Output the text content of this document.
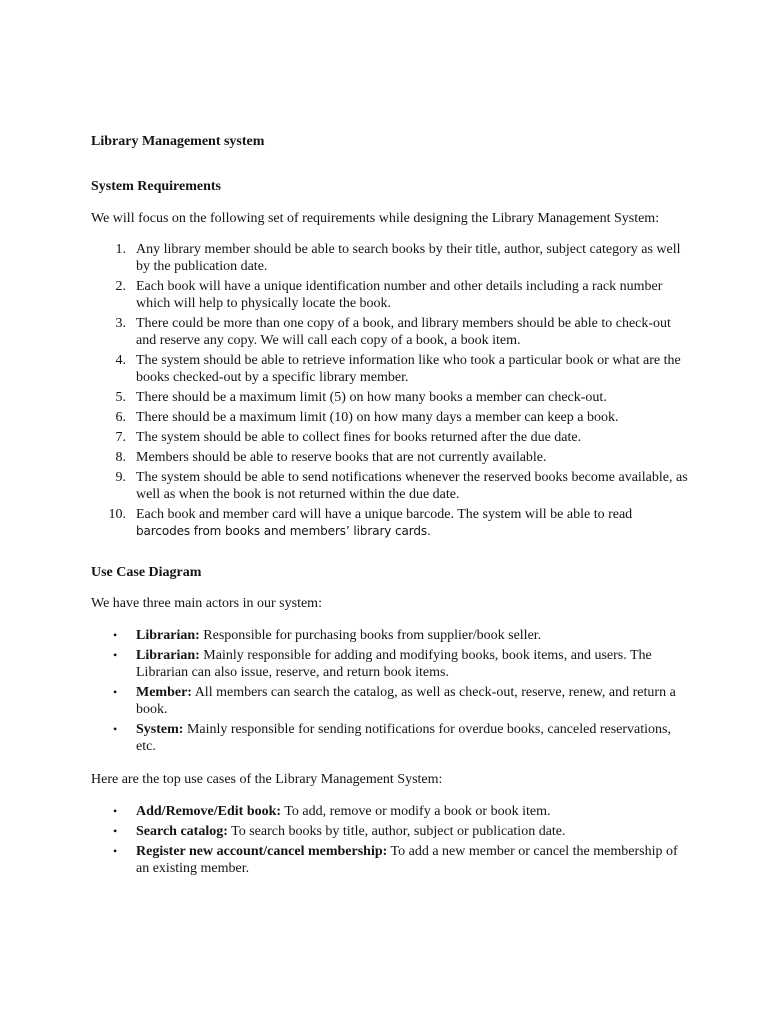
Library Management system

System Requirements

We will focus on the following set of requirements while designing the Library Management System:

1. Any library member should be able to search books by their title, author, subject category as well by the publication date.
2. Each book will have a unique identification number and other details including a rack number which will help to physically locate the book.
3. There could be more than one copy of a book, and library members should be able to check-out and reserve any copy. We will call each copy of a book, a book item.
4. The system should be able to retrieve information like who took a particular book or what are the books checked-out by a specific library member.
5. There should be a maximum limit (5) on how many books a member can check-out.
6. There should be a maximum limit (10) on how many days a member can keep a book.
7. The system should be able to collect fines for books returned after the due date.
8. Members should be able to reserve books that are not currently available.
9. The system should be able to send notifications whenever the reserved books become available, as well as when the book is not returned within the due date.
10. Each book and member card will have a unique barcode. The system will be able to read
barcodes from books and members’ library cards.

Use Case Diagram

We have three main actors in our system:

• Librarian: Responsible for purchasing books from supplier/book seller.
• Librarian: Mainly responsible for adding and modifying books, book items, and users. The Librarian can also issue, reserve, and return book items.
• Member: All members can search the catalog, as well as check-out, reserve, renew, and return a book.
• System: Mainly responsible for sending notifications for overdue books, canceled reservations, etc.

Here are the top use cases of the Library Management System:

• Add/Remove/Edit book: To add, remove or modify a book or book item.
• Search catalog: To search books by title, author, subject or publication date.
• Register new account/cancel membership: To add a new member or cancel the membership of an existing member.
